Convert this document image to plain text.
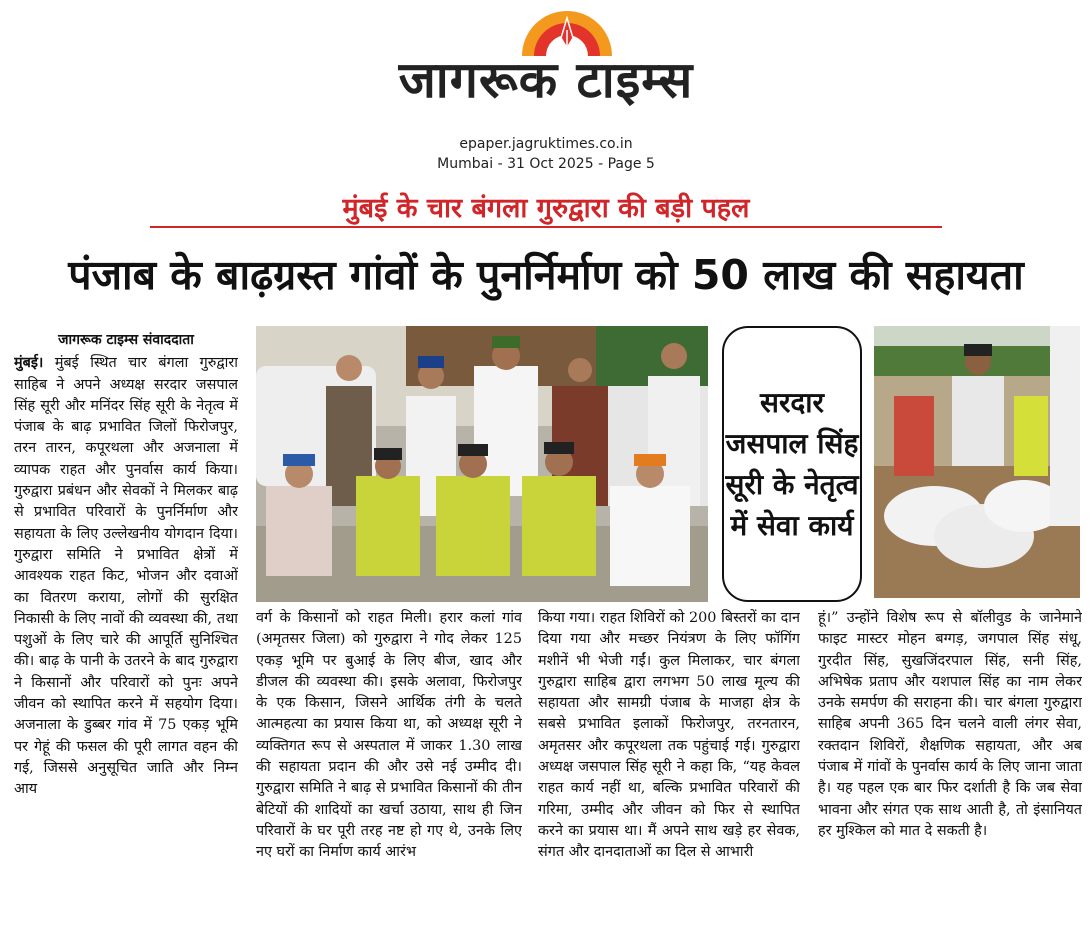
जागरूक टाइम्स
epaper.jagruktimes.co.in
Mumbai - 31 Oct 2025 - Page 5
मुंबई के चार बंगला गुरुद्वारा की बड़ी पहल
पंजाब के बाढ़ग्रस्त गांवों के पुनर्निर्माण को 50 लाख की सहायता
जागरूक टाइम्स संवाददाता
मुंबई। मुंबई स्थित चार बंगला गुरुद्वारा साहिब ने अपने अध्यक्ष सरदार जसपाल सिंह सूरी और मनिंदर सिंह सूरी के नेतृत्व में पंजाब के बाढ़ प्रभावित जिलों फिरोजपुर, तरन तारन, कपूरथला और अजनाला में व्यापक राहत और पुनर्वास कार्य किया। गुरुद्वारा प्रबंधन और सेवकों ने मिलकर बाढ़ से प्रभावित परिवारों के पुनर्निर्माण और सहायता के लिए उल्लेखनीय योगदान दिया। गुरुद्वारा समिति ने प्रभावित क्षेत्रों में आवश्यक राहत किट, भोजन और दवाओं का वितरण कराया, लोगों की सुरक्षित निकासी के लिए नावों की व्यवस्था की, तथा पशुओं के लिए चारे की आपूर्ति सुनिश्चित की। बाढ़ के पानी के उतरने के बाद गुरुद्वारा ने किसानों और परिवारों को पुनः अपने जीवन को स्थापित करने में सहयोग दिया। अजनाला के डुब्बर गांव में 75 एकड़ भूमि पर गेहूं की फसल की पूरी लागत वहन की गई, जिससे अनुसूचित जाति और निम्न आय
सरदार जसपाल सिंह सूरी के नेतृत्व में सेवा कार्य
वर्ग के किसानों को राहत मिली। हरार कलां गांव (अमृतसर जिला) को गुरुद्वारा ने गोद लेकर 125 एकड़ भूमि पर बुआई के लिए बीज, खाद और डीजल की व्यवस्था की। इसके अलावा, फिरोजपुर के एक किसान, जिसने आर्थिक तंगी के चलते आत्महत्या का प्रयास किया था, को अध्यक्ष सूरी ने व्यक्तिगत रूप से अस्पताल में जाकर 1.30 लाख की सहायता प्रदान की और उसे नई उम्मीद दी। गुरुद्वारा समिति ने बाढ़ से प्रभावित किसानों की तीन बेटियों की शादियों का खर्चा उठाया, साथ ही जिन परिवारों के घर पूरी तरह नष्ट हो गए थे, उनके लिए नए घरों का निर्माण कार्य आरंभ
किया गया। राहत शिविरों को 200 बिस्तरों का दान दिया गया और मच्छर नियंत्रण के लिए फॉगिंग मशीनें भी भेजी गईं। कुल मिलाकर, चार बंगला गुरुद्वारा साहिब द्वारा लगभग 50 लाख मूल्य की सहायता और सामग्री पंजाब के माजहा क्षेत्र के सबसे प्रभावित इलाकों फिरोजपुर, तरनतारन, अमृतसर और कपूरथला तक पहुंचाई गई। गुरुद्वारा अध्यक्ष जसपाल सिंह सूरी ने कहा कि, “यह केवल राहत कार्य नहीं था, बल्कि प्रभावित परिवारों की गरिमा, उम्मीद और जीवन को फिर से स्थापित करने का प्रयास था। मैं अपने साथ खड़े हर सेवक, संगत और दानदाताओं का दिल से आभारी
हूं।” उन्होंने विशेष रूप से बॉलीवुड के जानेमाने फाइट मास्टर मोहन बग्गड़, जगपाल सिंह संधू, गुरदीत सिंह, सुखजिंदरपाल सिंह, सनी सिंह, अभिषेक प्रताप और यशपाल सिंह का नाम लेकर उनके समर्पण की सराहना की। चार बंगला गुरुद्वारा साहिब अपनी 365 दिन चलने वाली लंगर सेवा, रक्तदान शिविरों, शैक्षणिक सहायता, और अब पंजाब में गांवों के पुनर्वास कार्य के लिए जाना जाता है। यह पहल एक बार फिर दर्शाती है कि जब सेवा भावना और संगत एक साथ आती है, तो इंसानियत हर मुश्किल को मात दे सकती है।
